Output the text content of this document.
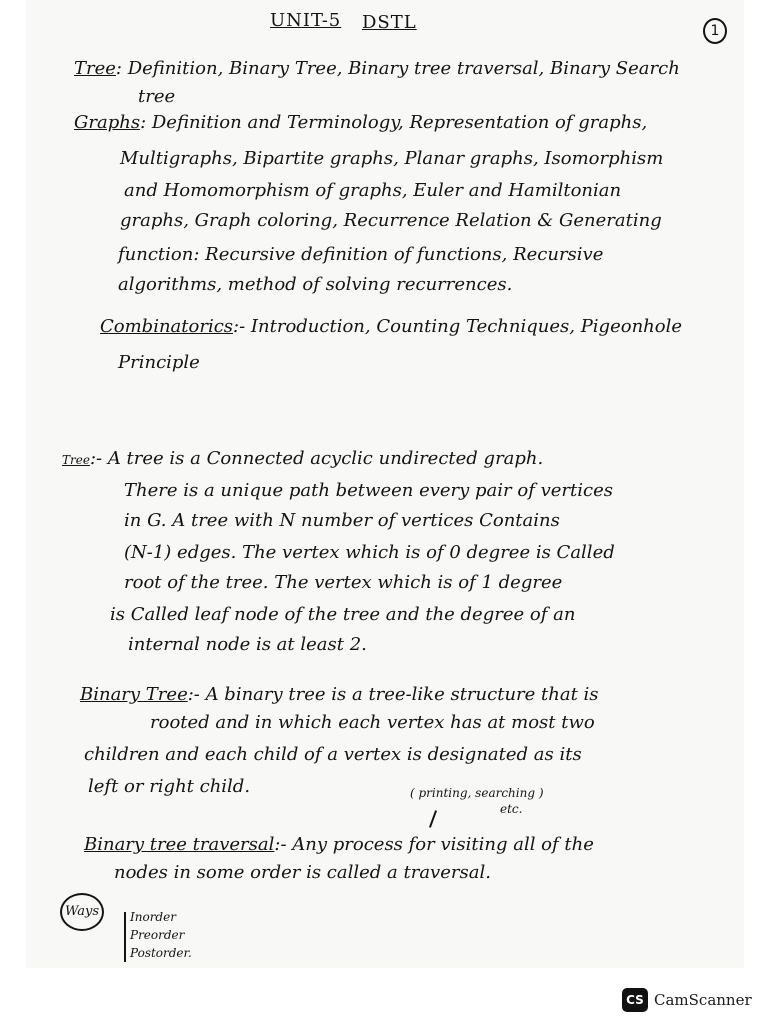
UNIT-5 DSTL	1
Tree: Definition, Binary Tree, Binary tree traversal, Binary Search
tree
Graphs: Definition and Terminology, Representation of graphs,
Multigraphs, Bipartite graphs, Planar graphs, Isomorphism
and Homomorphism of graphs, Euler and Hamiltonian
graphs, Graph coloring, Recurrence Relation & Generating
function: Recursive definition of functions, Recursive
algorithms, method of solving recurrences.
Combinatorics:- Introduction, Counting Techniques, Pigeonhole
Principle
Tree:- A tree is a Connected acyclic undirected graph.
There is a unique path between every pair of vertices
in G. A tree with N number of vertices Contains
(N-1) edges. The vertex which is of 0 degree is Called
root of the tree. The vertex which is of 1 degree
is Called leaf node of the tree and the degree of an
internal node is at least 2.
Binary Tree:- A binary tree is a tree-like structure that is
rooted and in which each vertex has at most two
children and each child of a vertex is designated as its
left or right child.	( printing, searching )
etc.
Binary tree traversal:- Any process for visiting all of the
nodes in some order is called a traversal.
Ways	Inorder
Preorder
Postorder.
CS CamScanner
